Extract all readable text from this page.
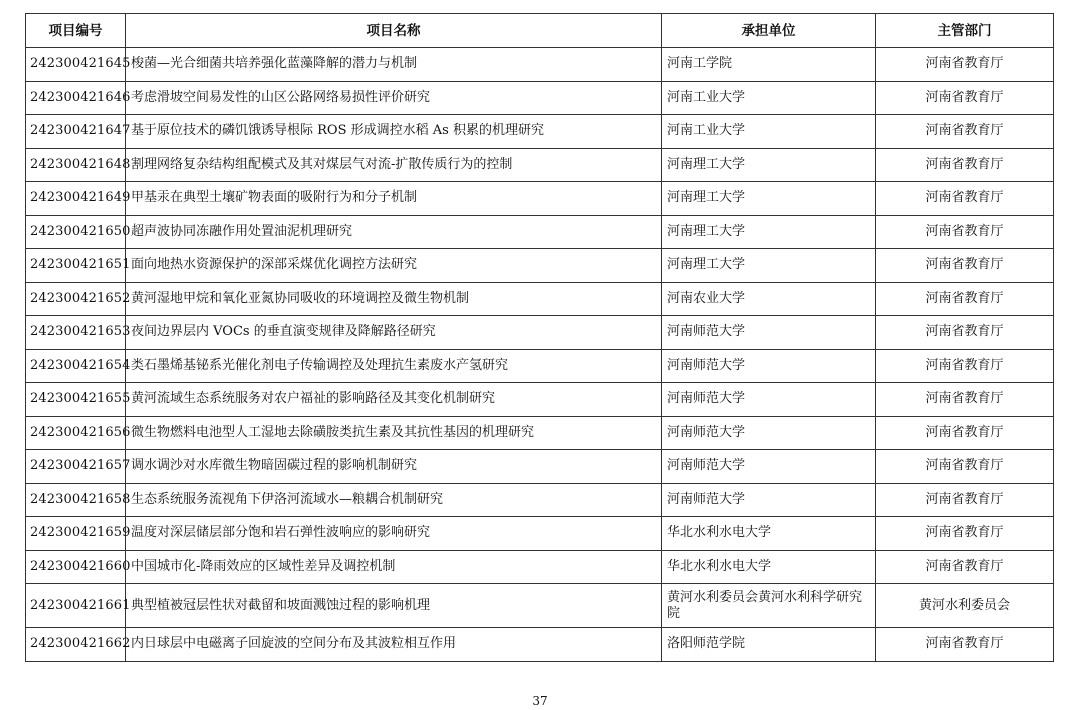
项目编号	项目名称	承担单位	主管部门
242300421645	梭菌—光合细菌共培养强化蓝藻降解的潜力与机制	河南工学院	河南省教育厅
242300421646	考虑滑坡空间易发性的山区公路网络易损性评价研究	河南工业大学	河南省教育厅
242300421647	基于原位技术的磷饥饿诱导根际 ROS 形成调控水稻 As 积累的机理研究	河南工业大学	河南省教育厅
242300421648	割理网络复杂结构组配模式及其对煤层气对流-扩散传质行为的控制	河南理工大学	河南省教育厅
242300421649	甲基汞在典型土壤矿物表面的吸附行为和分子机制	河南理工大学	河南省教育厅
242300421650	超声波协同冻融作用处置油泥机理研究	河南理工大学	河南省教育厅
242300421651	面向地热水资源保护的深部采煤优化调控方法研究	河南理工大学	河南省教育厅
242300421652	黄河湿地甲烷和氧化亚氮协同吸收的环境调控及微生物机制	河南农业大学	河南省教育厅
242300421653	夜间边界层内 VOCs 的垂直演变规律及降解路径研究	河南师范大学	河南省教育厅
242300421654	类石墨烯基铋系光催化剂电子传输调控及处理抗生素废水产氢研究	河南师范大学	河南省教育厅
242300421655	黄河流域生态系统服务对农户福祉的影响路径及其变化机制研究	河南师范大学	河南省教育厅
242300421656	微生物燃料电池型人工湿地去除磺胺类抗生素及其抗性基因的机理研究	河南师范大学	河南省教育厅
242300421657	调水调沙对水库微生物暗固碳过程的影响机制研究	河南师范大学	河南省教育厅
242300421658	生态系统服务流视角下伊洛河流域水—粮耦合机制研究	河南师范大学	河南省教育厅
242300421659	温度对深层储层部分饱和岩石弹性波响应的影响研究	华北水利水电大学	河南省教育厅
242300421660	中国城市化-降雨效应的区域性差异及调控机制	华北水利水电大学	河南省教育厅
242300421661	典型植被冠层性状对截留和坡面溅蚀过程的影响机理	黄河水利委员会黄河水利科学研究院	黄河水利委员会
242300421662	内日球层中电磁离子回旋波的空间分布及其波粒相互作用	洛阳师范学院	河南省教育厅
37
